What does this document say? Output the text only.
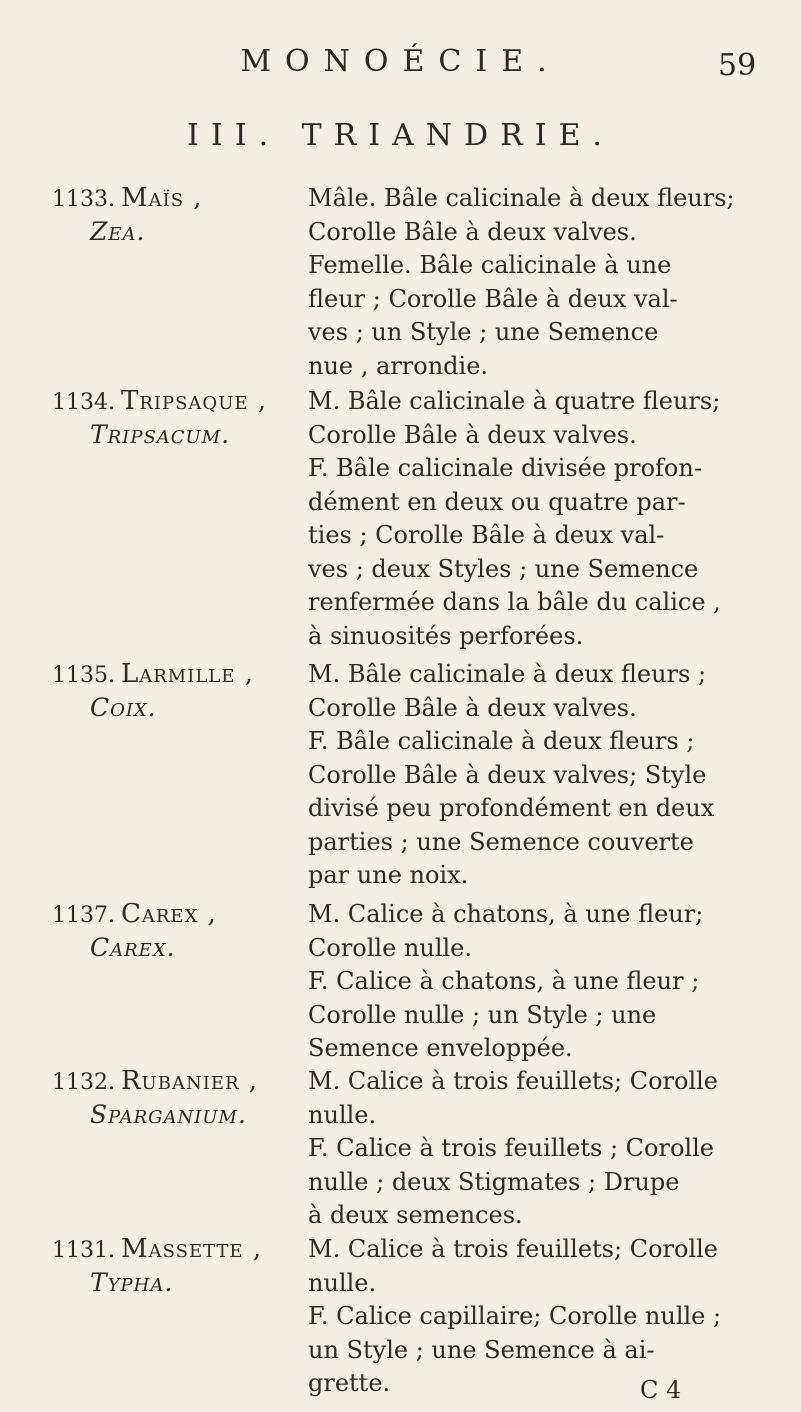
MONOÉCIE.	59
III. TRIANDRIE.
1133. Maïs ,
Zea.
Mâle. Bâle calicinale à deux fleurs;
Corolle Bâle à deux valves.
Femelle. Bâle calicinale à une
fleur ; Corolle Bâle à deux val-
ves ; un Style ; une Semence
nue , arrondie.
1134. Tripsaque ,
Tripsacum.
M. Bâle calicinale à quatre fleurs;
Corolle Bâle à deux valves.
F. Bâle calicinale divisée profon-
dément en deux ou quatre par-
ties ; Corolle Bâle à deux val-
ves ; deux Styles ; une Semence
renfermée dans la bâle du calice ,
à sinuosités perforées.
1135. Larmille ,
Coix.
M. Bâle calicinale à deux fleurs ;
Corolle Bâle à deux valves.
F. Bâle calicinale à deux fleurs ;
Corolle Bâle à deux valves; Style
divisé peu profondément en deux
parties ; une Semence couverte
par une noix.
1137. Carex ,
Carex.
M. Calice à chatons, à une fleur;
Corolle nulle.
F. Calice à chatons, à une fleur ;
Corolle nulle ; un Style ; une
Semence enveloppée.
1132. Rubanier ,
Sparganium.
M. Calice à trois feuillets; Corolle
nulle.
F. Calice à trois feuillets ; Corolle
nulle ; deux Stigmates ; Drupe
à deux semences.
1131. Massette ,
Typha.
M. Calice à trois feuillets; Corolle
nulle.
F. Calice capillaire; Corolle nulle ;
un Style ; une Semence à ai-
grette.	C 4
